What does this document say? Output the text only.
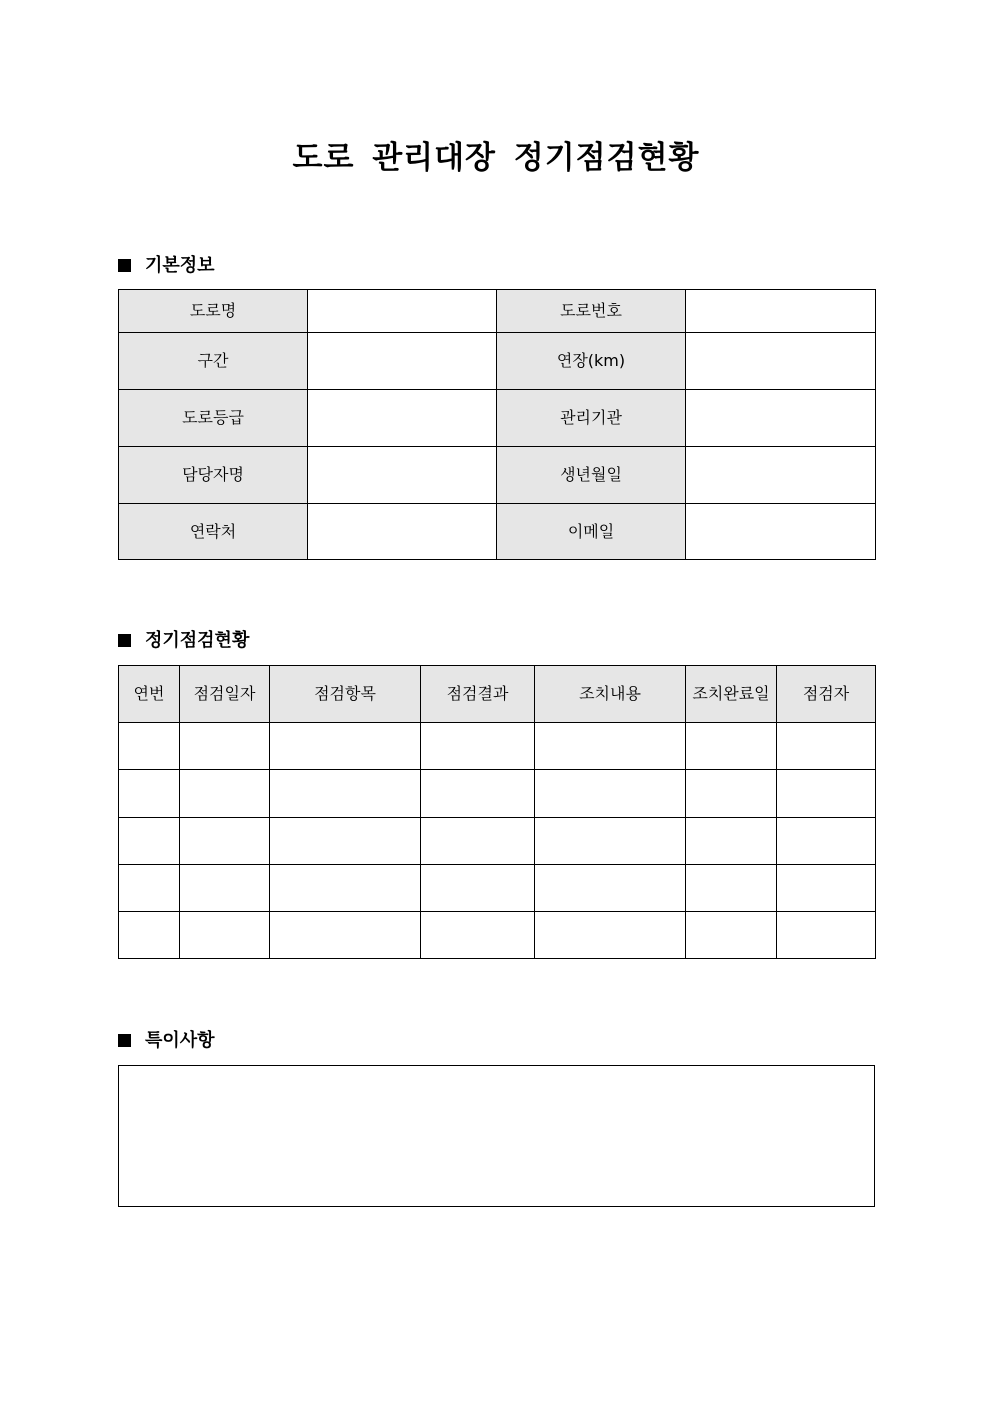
도로 관리대장 정기점검현황
기본정보
도로명		도로번호	
구간		연장(km)	
도로등급		관리기관	
담당자명		생년월일	
연락처		이메일	
정기점검현황
연번	점검일자	점검항목	점검결과	조치내용	조치완료일	점검자

특이사항
